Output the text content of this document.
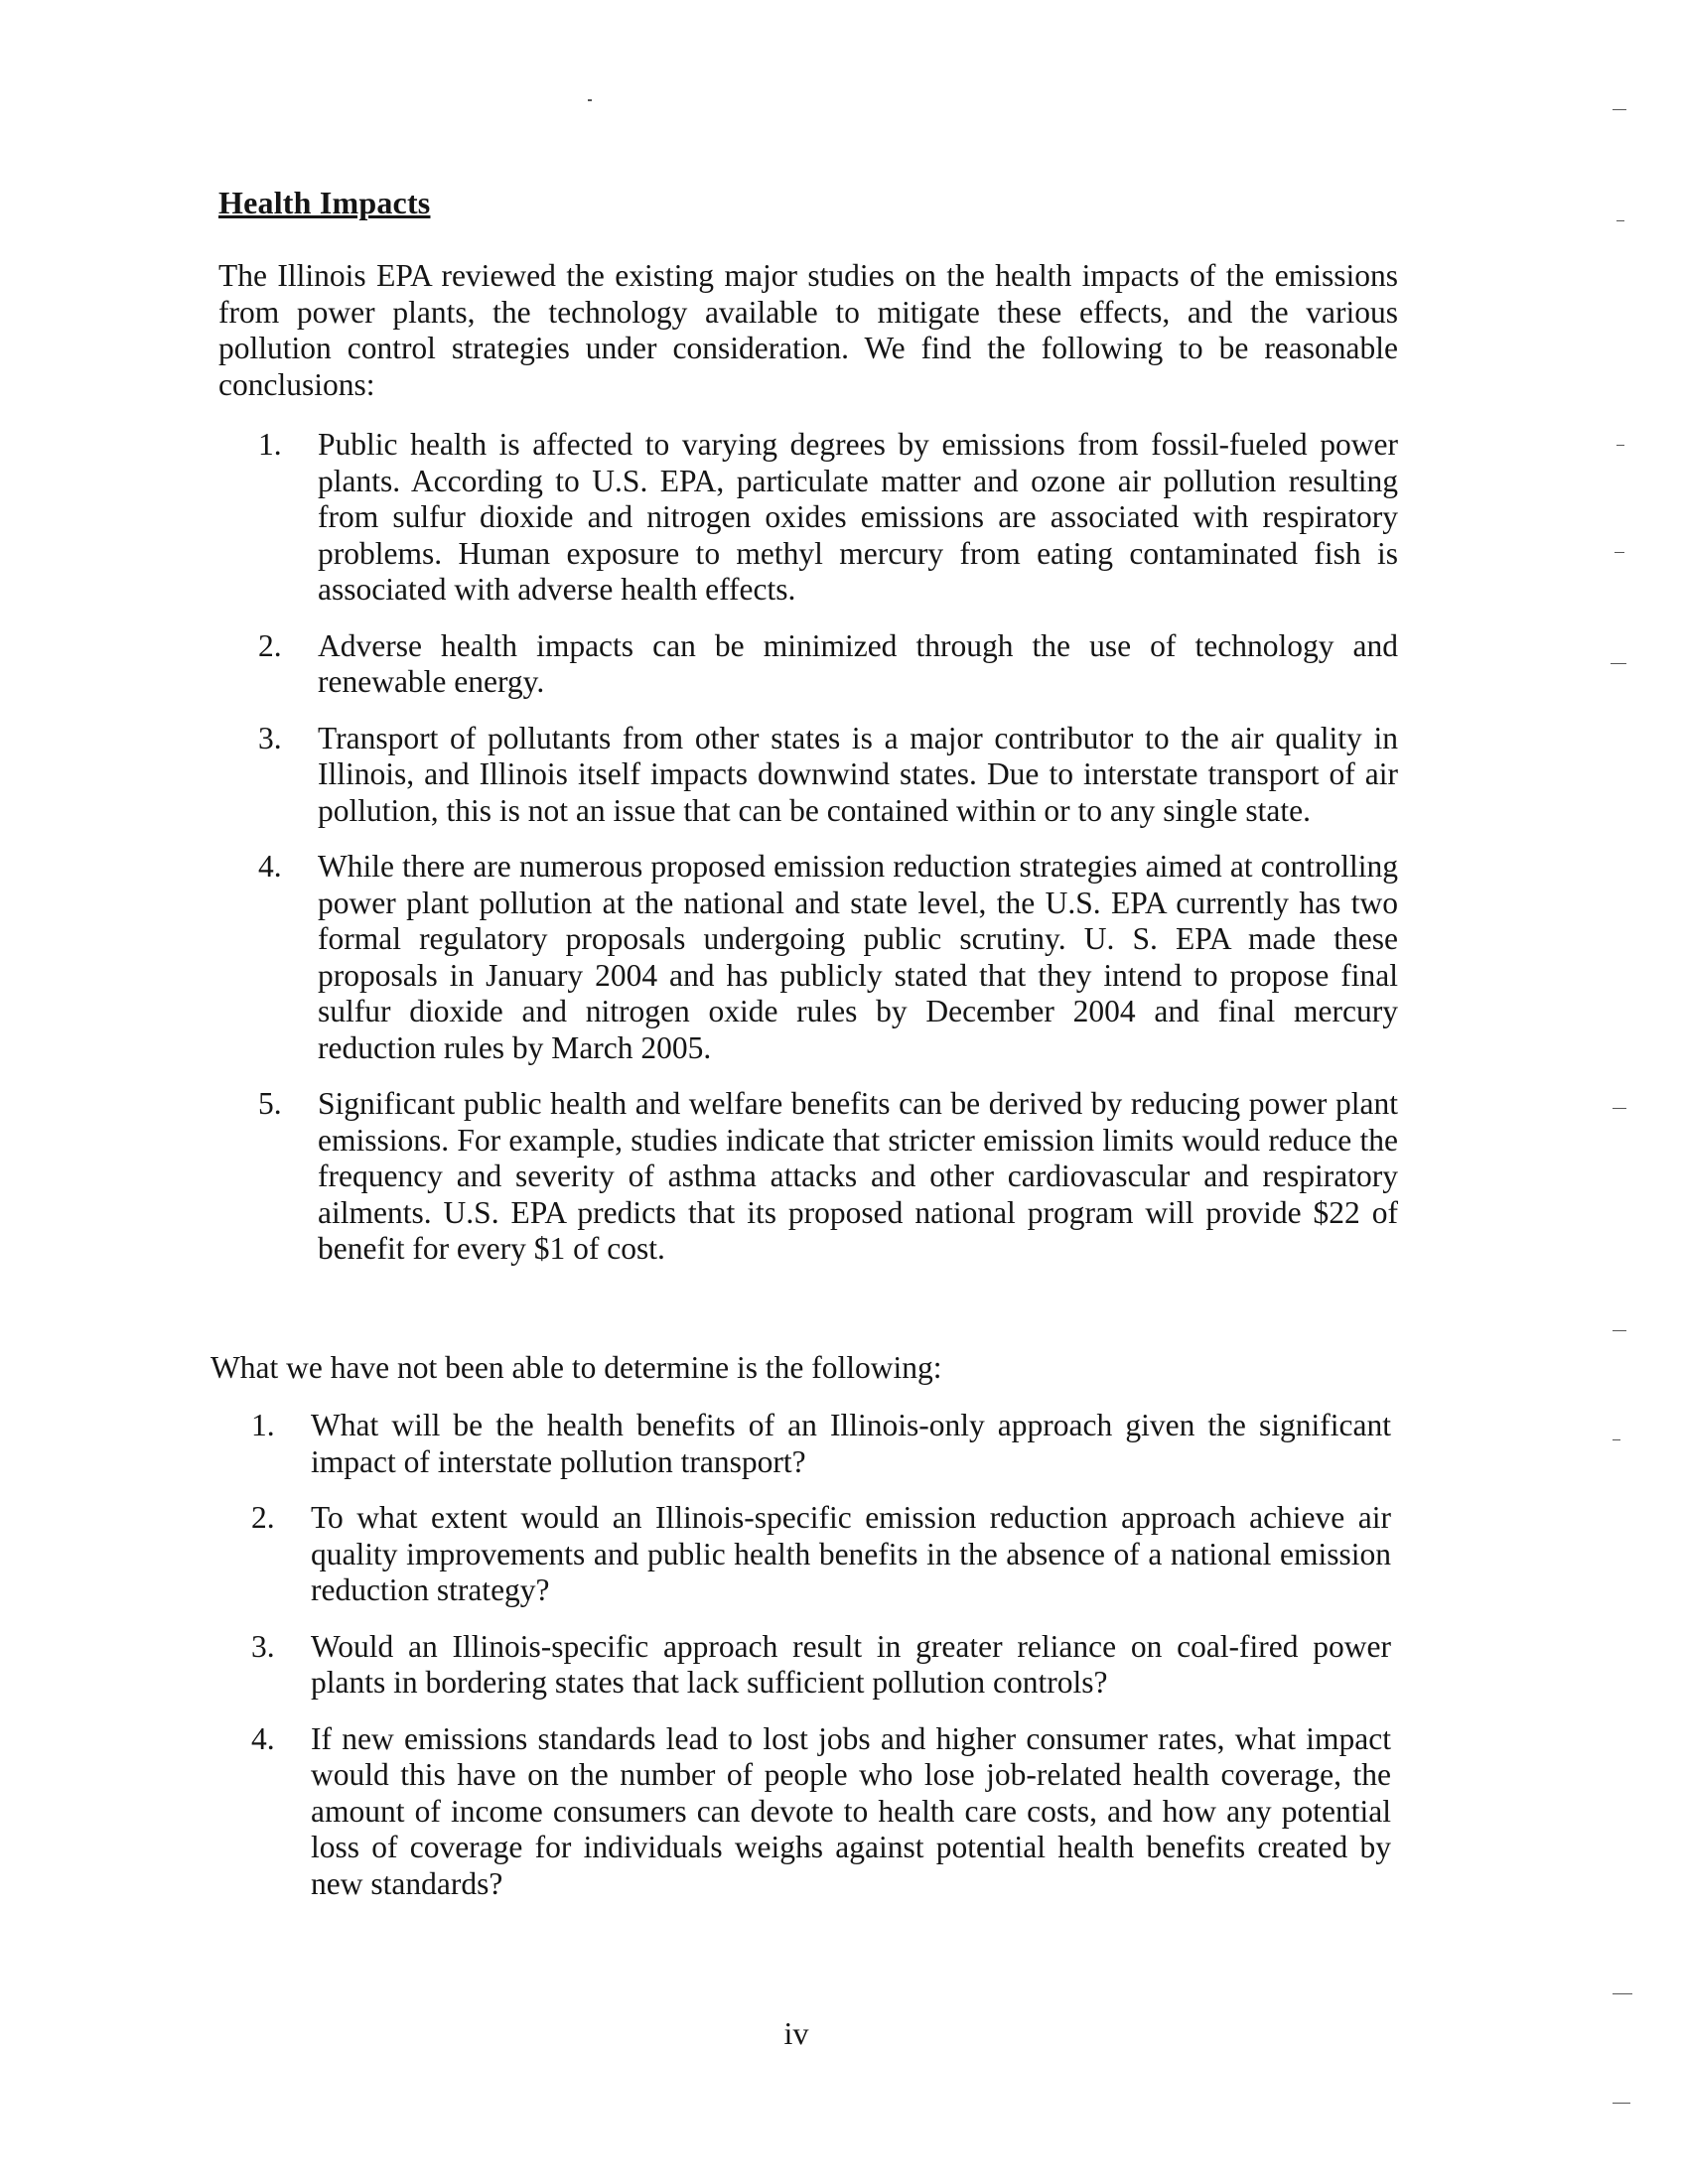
Health Impacts

The Illinois EPA reviewed the existing major studies on the health impacts of the emissions from power plants, the technology available to mitigate these effects, and the various pollution control strategies under consideration. We find the following to be reasonable conclusions:

1. Public health is affected to varying degrees by emissions from fossil-fueled power plants. According to U.S. EPA, particulate matter and ozone air pollution resulting from sulfur dioxide and nitrogen oxides emissions are associated with respiratory problems. Human exposure to methyl mercury from eating contaminated fish is associated with adverse health effects.
2. Adverse health impacts can be minimized through the use of technology and renewable energy.
3. Transport of pollutants from other states is a major contributor to the air quality in Illinois, and Illinois itself impacts downwind states. Due to interstate transport of air pollution, this is not an issue that can be contained within or to any single state.
4. While there are numerous proposed emission reduction strategies aimed at controlling power plant pollution at the national and state level, the U.S. EPA currently has two formal regulatory proposals undergoing public scrutiny. U. S. EPA made these proposals in January 2004 and has publicly stated that they intend to propose final sulfur dioxide and nitrogen oxide rules by December 2004 and final mercury reduction rules by March 2005.
5. Significant public health and welfare benefits can be derived by reducing power plant emissions. For example, studies indicate that stricter emission limits would reduce the frequency and severity of asthma attacks and other cardiovascular and respiratory ailments. U.S. EPA predicts that its proposed national program will provide $22 of benefit for every $1 of cost.

What we have not been able to determine is the following:

1. What will be the health benefits of an Illinois-only approach given the significant impact of interstate pollution transport?
2. To what extent would an Illinois-specific emission reduction approach achieve air quality improvements and public health benefits in the absence of a national emission reduction strategy?
3. Would an Illinois-specific approach result in greater reliance on coal-fired power plants in bordering states that lack sufficient pollution controls?
4. If new emissions standards lead to lost jobs and higher consumer rates, what impact would this have on the number of people who lose job-related health coverage, the amount of income consumers can devote to health care costs, and how any potential loss of coverage for individuals weighs against potential health benefits created by new standards?
iv
